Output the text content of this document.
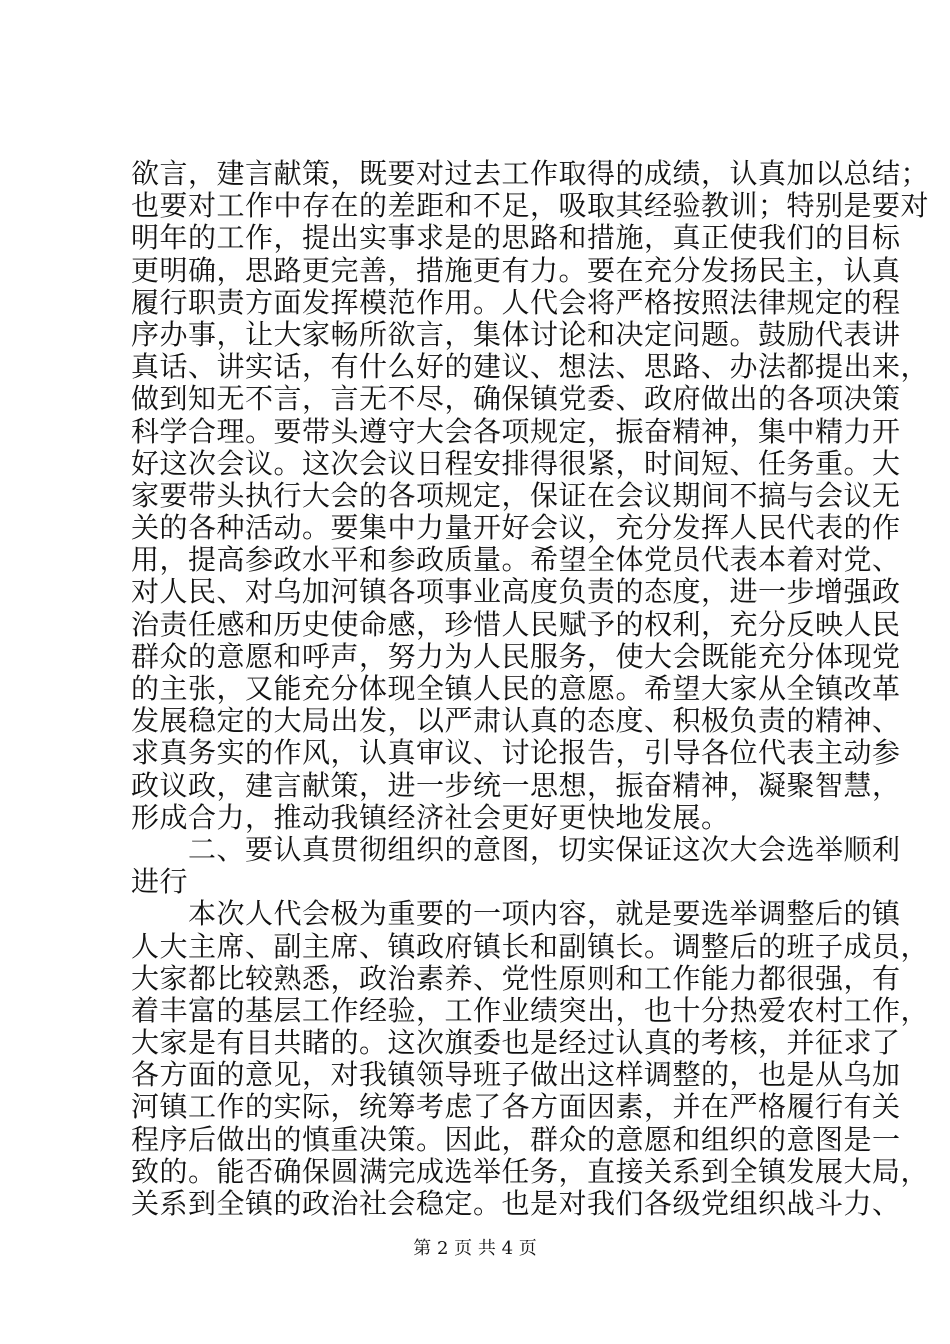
欲言，建言献策，既要对过去工作取得的成绩，认真加以总结；
也要对工作中存在的差距和不足，吸取其经验教训；特别是要对
明年的工作，提出实事求是的思路和措施，真正使我们的目标
更明确，思路更完善，措施更有力。要在充分发扬民主，认真
履行职责方面发挥模范作用。人代会将严格按照法律规定的程
序办事，让大家畅所欲言，集体讨论和决定问题。鼓励代表讲
真话、讲实话，有什么好的建议、想法、思路、办法都提出来，
做到知无不言，言无不尽，确保镇党委、政府做出的各项决策
科学合理。要带头遵守大会各项规定，振奋精神，集中精力开
好这次会议。这次会议日程安排得很紧，时间短、任务重。大
家要带头执行大会的各项规定，保证在会议期间不搞与会议无
关的各种活动。要集中力量开好会议，充分发挥人民代表的作
用，提高参政水平和参政质量。希望全体党员代表本着对党、
对人民、对乌加河镇各项事业高度负责的态度，进一步增强政
治责任感和历史使命感，珍惜人民赋予的权利，充分反映人民
群众的意愿和呼声，努力为人民服务，使大会既能充分体现党
的主张，又能充分体现全镇人民的意愿。希望大家从全镇改革
发展稳定的大局出发，以严肃认真的态度、积极负责的精神、
求真务实的作风，认真审议、讨论报告，引导各位代表主动参
政议政，建言献策，进一步统一思想，振奋精神，凝聚智慧，
形成合力，推动我镇经济社会更好更快地发展。
　　二、要认真贯彻组织的意图，切实保证这次大会选举顺利
进行
　　本次人代会极为重要的一项内容，就是要选举调整后的镇
人大主席、副主席、镇政府镇长和副镇长。调整后的班子成员，
大家都比较熟悉，政治素养、党性原则和工作能力都很强，有
着丰富的基层工作经验，工作业绩突出，也十分热爱农村工作，
大家是有目共睹的。这次旗委也是经过认真的考核，并征求了
各方面的意见，对我镇领导班子做出这样调整的，也是从乌加
河镇工作的实际，统筹考虑了各方面因素，并在严格履行有关
程序后做出的慎重决策。因此，群众的意愿和组织的意图是一
致的。能否确保圆满完成选举任务，直接关系到全镇发展大局，
关系到全镇的政治社会稳定。也是对我们各级党组织战斗力、
第 2 页 共 4 页
